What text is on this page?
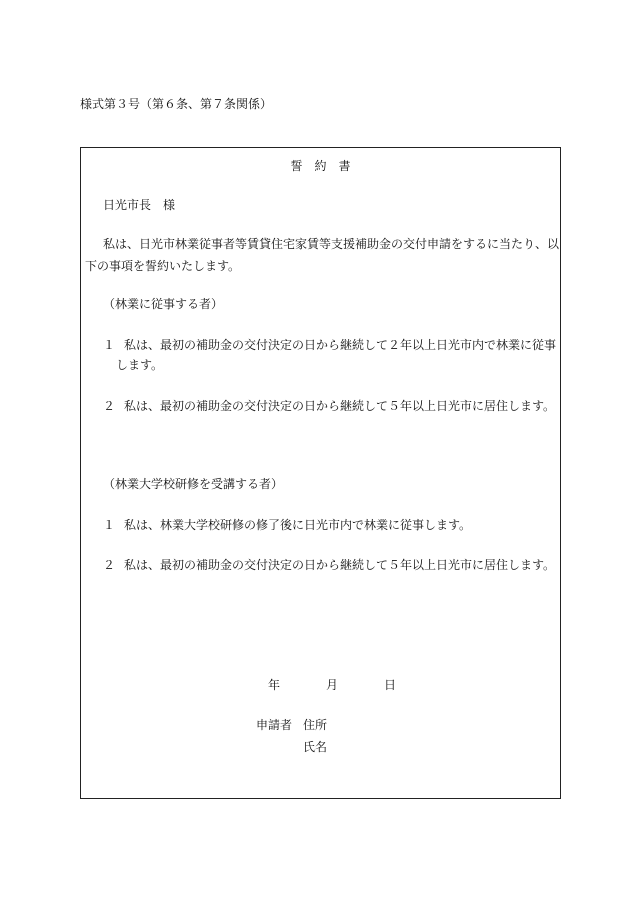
様式第３号（第６条、第７条関係）
誓約書
日光市長　様
私は、日光市林業従事者等賃貸住宅家賃等支援補助金の交付申請をするに当たり、以
下の事項を誓約いたします。
（林業に従事する者）
１ 私は、最初の補助金の交付決定の日から継続して２年以上日光市内で林業に従事
します。
２ 私は、最初の補助金の交付決定の日から継続して５年以上日光市に居住します。
（林業大学校研修を受講する者）
１ 私は、林業大学校研修の修了後に日光市内で林業に従事します。
２ 私は、最初の補助金の交付決定の日から継続して５年以上日光市に居住します。
年	月	日
申請者 住所
氏名
